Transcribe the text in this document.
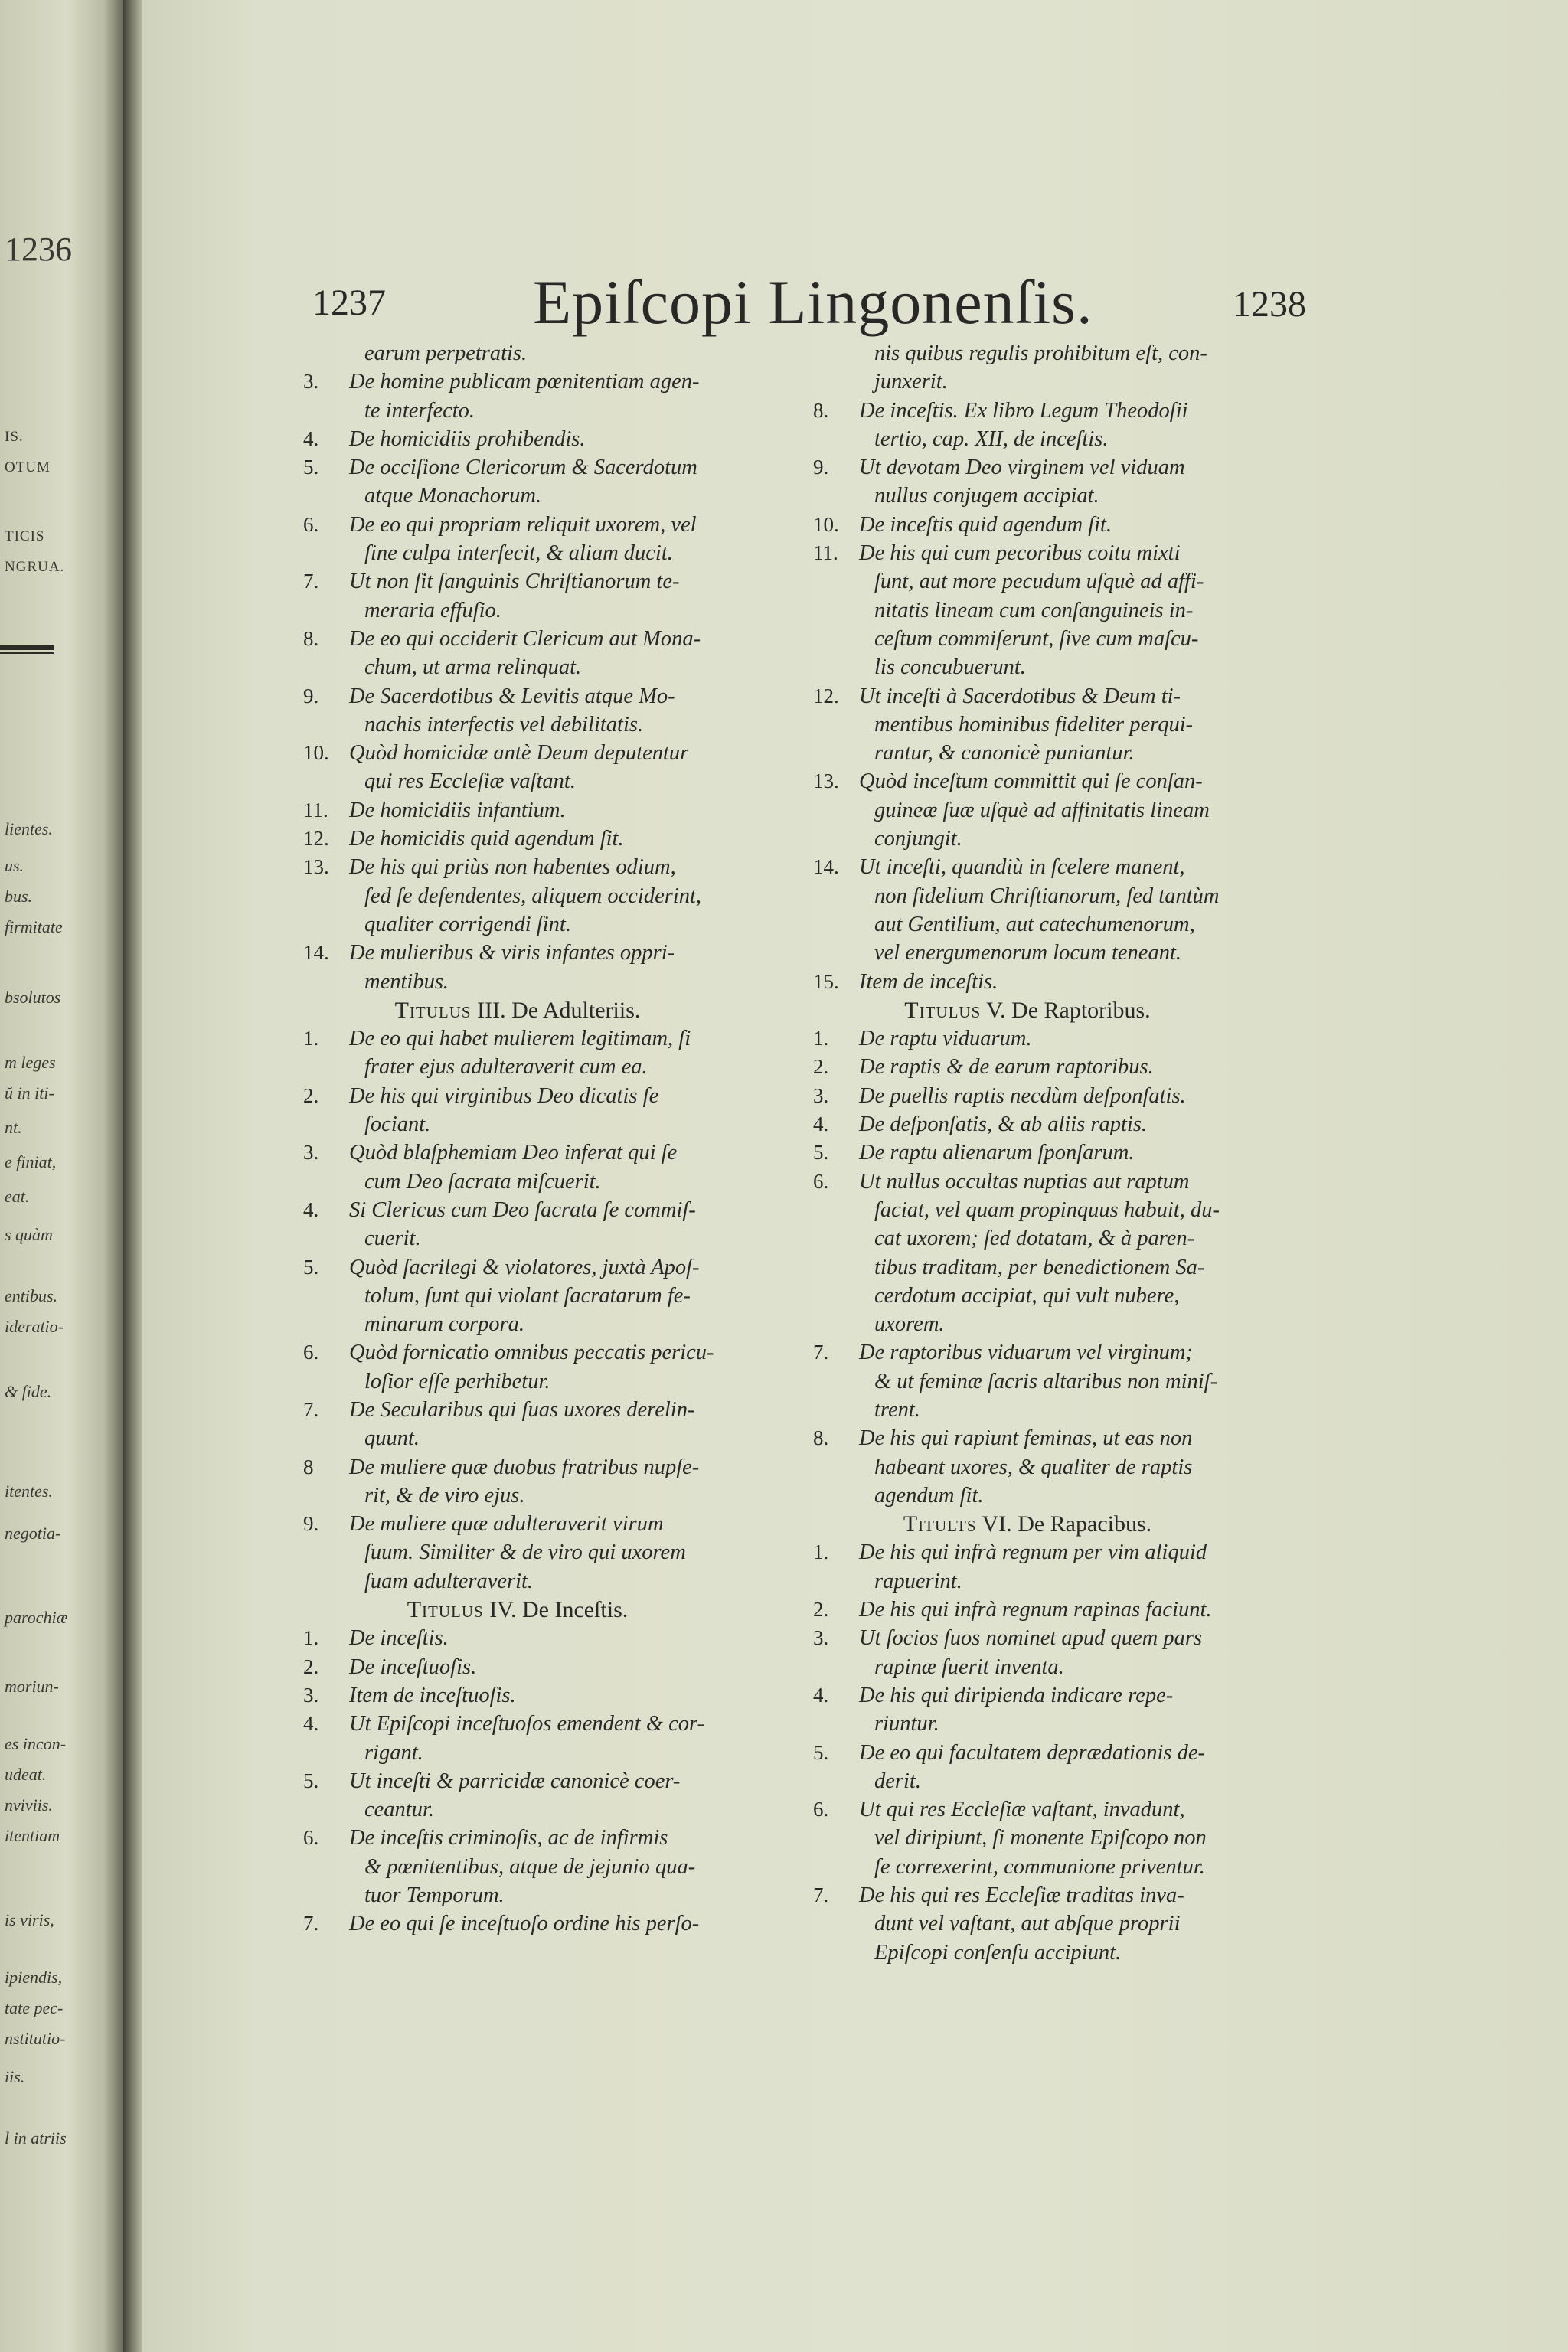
1236
IS.
OTUM
TICIS
NGRUA.
lientes.
us.
bus.
firmitate
bsolutos
m leges
ŭ in iti-
nt.
e finiat,
eat.
s quàm
entibus.
ideratio-
& fide.
itentes.
negotia-
parochiæ
moriun-
es incon-
udeat.
nviviis.
itentiam
is viris,
ipiendis,
tate pec-
nstitutio-
iis.
l in atriis
1237 Epiſcopi Lingonenſis.	1238
earum perpetratis.
3. De homine publicam pœnitentiam agen-
te interfecto.
4. De homicidiis prohibendis.
5. De occiſione Clericorum & Sacerdotum
atque Monachorum.
6. De eo qui propriam reliquit uxorem, vel
ſine culpa interfecit, & aliam ducit.
7. Ut non ſit ſanguinis Chriſtianorum te-
meraria effuſio.
8. De eo qui occiderit Clericum aut Mona-
chum, ut arma relinquat.
9. De Sacerdotibus & Levitis atque Mo-
nachis interfectis vel debilitatis.
10. Quòd homicidæ antè Deum deputentur
qui res Eccleſiæ vaſtant.
11. De homicidiis infantium.
12. De homicidis quid agendum ſit.
13. De his qui priùs non habentes odium,
ſed ſe defendentes, aliquem occiderint,
qualiter corrigendi ſint.
14. De mulieribus & viris infantes oppri-
mentibus.
Titulus III. De Adulteriis.
1. De eo qui habet mulierem legitimam, ſi
frater ejus adulteraverit cum ea.
2. De his qui virginibus Deo dicatis ſe
ſociant.
3. Quòd blaſphemiam Deo inferat qui ſe
cum Deo ſacrata miſcuerit.
4. Si Clericus cum Deo ſacrata ſe commiſ-
cuerit.
5. Quòd ſacrilegi & violatores, juxtà Apoſ-
tolum, ſunt qui violant ſacratarum fe-
minarum corpora.
6. Quòd fornicatio omnibus peccatis pericu-
loſior eſſe perhibetur.
7. De Secularibus qui ſuas uxores derelin-
quunt.
8 De muliere quæ duobus fratribus nupſe-
rit, & de viro ejus.
9. De muliere quæ adulteraverit virum
ſuum. Similiter & de viro qui uxorem
ſuam adulteraverit.
Titulus IV. De Inceſtis.
1. De inceſtis.
2. De inceſtuoſis.
3. Item de inceſtuoſis.
4. Ut Epiſcopi inceſtuoſos emendent & cor-
rigant.
5. Ut inceſti & parricidæ canonicè coer-
ceantur.
6. De inceſtis criminoſis, ac de infirmis
& pœnitentibus, atque de jejunio qua-
tuor Temporum.
7. De eo qui ſe inceſtuoſo ordine his perſo-
nis quibus regulis prohibitum eſt, con-
junxerit.
8. De inceſtis. Ex libro Legum Theodoſii
tertio, cap. XII, de inceſtis.
9. Ut devotam Deo virginem vel viduam
nullus conjugem accipiat.
10. De inceſtis quid agendum ſit.
11. De his qui cum pecoribus coitu mixti
ſunt, aut more pecudum uſquè ad affi-
nitatis lineam cum conſanguineis in-
ceſtum commiſerunt, ſive cum maſcu-
lis concubuerunt.
12. Ut inceſti à Sacerdotibus & Deum ti-
mentibus hominibus fideliter perqui-
rantur, & canonicè puniantur.
13. Quòd inceſtum committit qui ſe conſan-
guineæ ſuæ uſquè ad affinitatis lineam
conjungit.
14. Ut inceſti, quandiù in ſcelere manent,
non fidelium Chriſtianorum, ſed tantùm
aut Gentilium, aut catechumenorum,
vel energumenorum locum teneant.
15. Item de inceſtis.
Titulus V. De Raptoribus.
1. De raptu viduarum.
2. De raptis & de earum raptoribus.
3. De puellis raptis necdùm deſponſatis.
4. De deſponſatis, & ab aliis raptis.
5. De raptu alienarum ſponſarum.
6. Ut nullus occultas nuptias aut raptum
faciat, vel quam propinquus habuit, du-
cat uxorem; ſed dotatam, & à paren-
tibus traditam, per benedictionem Sa-
cerdotum accipiat, qui vult nubere,
uxorem.
7. De raptoribus viduarum vel virginum;
& ut feminæ ſacris altaribus non miniſ-
trent.
8. De his qui rapiunt feminas, ut eas non
habeant uxores, & qualiter de raptis
agendum ſit.
Titults VI. De Rapacibus.
1. De his qui infrà regnum per vim aliquid
rapuerint.
2. De his qui infrà regnum rapinas faciunt.
3. Ut ſocios ſuos nominet apud quem pars
rapinæ fuerit inventa.
4. De his qui diripienda indicare repe-
riuntur.
5. De eo qui facultatem deprædationis de-
derit.
6. Ut qui res Eccleſiæ vaſtant, invadunt,
vel diripiunt, ſi monente Epiſcopo non
ſe correxerint, communione priventur.
7. De his qui res Eccleſiæ traditas inva-
dunt vel vaſtant, aut abſque proprii
Epiſcopi conſenſu accipiunt.
